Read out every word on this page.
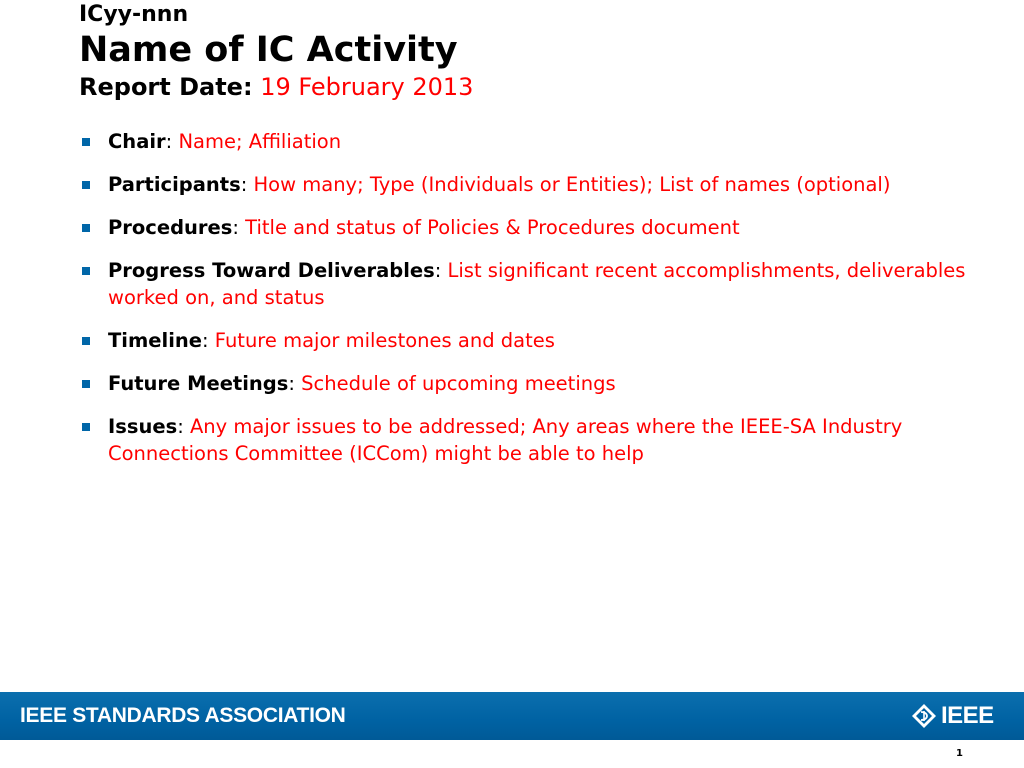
ICyy-nnn
Name of IC Activity
Report Date: 19 February 2013
Chair: Name; Affiliation
Participants: How many; Type (Individuals or Entities); List of names (optional)
Procedures: Title and status of Policies & Procedures document
Progress Toward Deliverables: List significant recent accomplishments, deliverables worked on, and status
Timeline: Future major milestones and dates
Future Meetings: Schedule of upcoming meetings
Issues: Any major issues to be addressed; Any areas where the IEEE-SA Industry Connections Committee (ICCom) might be able to help
IEEE STANDARDS ASSOCIATION	IEEE
1
